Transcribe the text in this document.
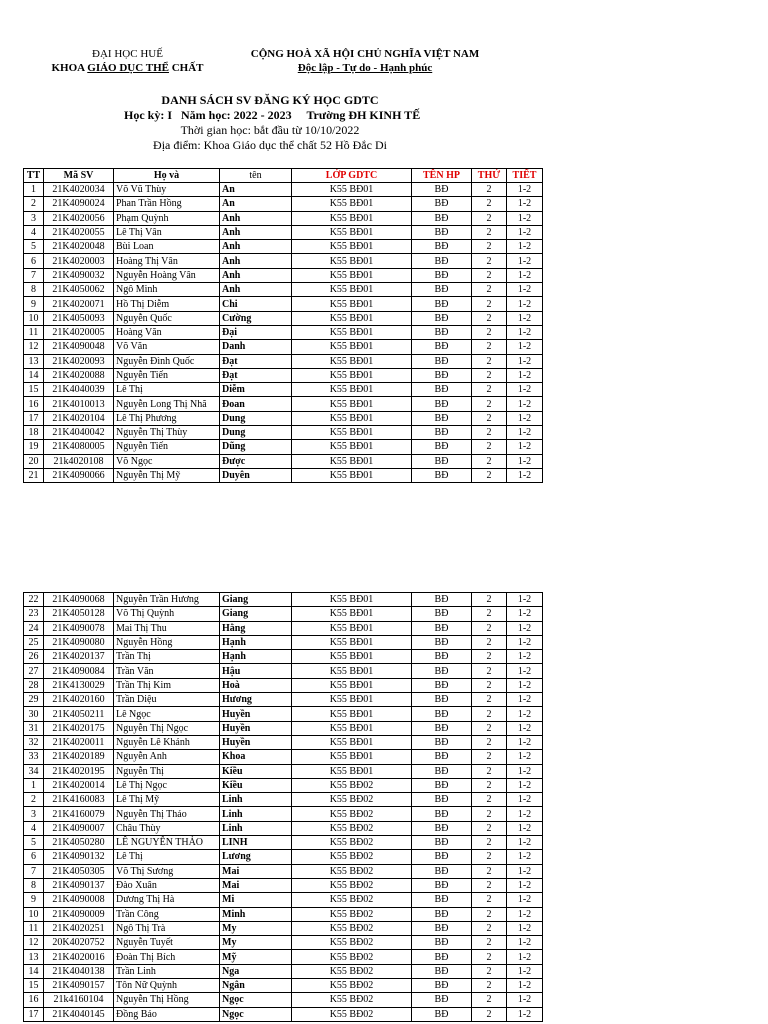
ĐẠI HỌC HUẾ
KHOA GIÁO DỤC THỂ CHẤT
CỘNG HOÀ XÃ HỘI CHỦ NGHĨA VIỆT NAM
Độc lập - Tự do - Hạnh phúc
DANH SÁCH SV ĐĂNG KÝ HỌC GDTC
Học kỳ: I   Năm học: 2022 - 2023     Trường ĐH KINH TẾ
Thời gian học: bắt đầu từ 10/10/2022
Địa điểm: Khoa Giáo dục thể chất 52 Hồ Đắc Di
TT	Mã SV	Họ và	tên	LỚP GDTC	TÊN HP	THỨ	TIẾT
1	21K4020034	Võ Vũ Thùy	An	K55 BĐ01	BĐ	2	1-2
2	21K4090024	Phan Trần Hồng	An	K55 BĐ01	BĐ	2	1-2
3	21K4020056	Phạm Quỳnh	Anh	K55 BĐ01	BĐ	2	1-2
4	21K4020055	Lê Thị Vân	Anh	K55 BĐ01	BĐ	2	1-2
5	21K4020048	Bùi Loan	Anh	K55 BĐ01	BĐ	2	1-2
6	21K4020003	Hoàng Thị Vân	Anh	K55 BĐ01	BĐ	2	1-2
7	21K4090032	Nguyễn Hoàng Vân	Anh	K55 BĐ01	BĐ	2	1-2
8	21K4050062	Ngô Minh	Anh	K55 BĐ01	BĐ	2	1-2
9	21K4020071	Hồ Thị Diễm	Chi	K55 BĐ01	BĐ	2	1-2
10	21K4050093	Nguyễn Quốc	Cường	K55 BĐ01	BĐ	2	1-2
11	21K4020005	Hoàng Văn	Đại	K55 BĐ01	BĐ	2	1-2
12	21K4090048	Võ Văn	Danh	K55 BĐ01	BĐ	2	1-2
13	21K4020093	Nguyễn Đình Quốc	Đạt	K55 BĐ01	BĐ	2	1-2
14	21K4020088	Nguyễn Tiến	Đạt	K55 BĐ01	BĐ	2	1-2
15	21K4040039	Lê Thị	Diễm	K55 BĐ01	BĐ	2	1-2
16	21K4010013	Nguyễn Long Thị Nhã	Đoan	K55 BĐ01	BĐ	2	1-2
17	21K4020104	Lê Thị Phương	Dung	K55 BĐ01	BĐ	2	1-2
18	21K4040042	Nguyễn Thị Thùy	Dung	K55 BĐ01	BĐ	2	1-2
19	21K4080005	Nguyễn Tiến	Dũng	K55 BĐ01	BĐ	2	1-2
20	21k4020108	Võ Ngọc	Được	K55 BĐ01	BĐ	2	1-2
21	21K4090066	Nguyễn Thị Mỹ	Duyên	K55 BĐ01	BĐ	2	1-2
22	21K4090068	Nguyễn Trần Hương	Giang	K55 BĐ01	BĐ	2	1-2
23	21K4050128	Võ Thị Quỳnh	Giang	K55 BĐ01	BĐ	2	1-2
24	21K4090078	Mai Thị Thu	Hằng	K55 BĐ01	BĐ	2	1-2
25	21K4090080	Nguyễn Hồng	Hạnh	K55 BĐ01	BĐ	2	1-2
26	21K4020137	Trần Thị	Hạnh	K55 BĐ01	BĐ	2	1-2
27	21K4090084	Trần Văn	Hậu	K55 BĐ01	BĐ	2	1-2
28	21K4130029	Trần Thị Kim	Hoà	K55 BĐ01	BĐ	2	1-2
29	21K4020160	Trần Diệu	Hương	K55 BĐ01	BĐ	2	1-2
30	21K4050211	Lê Ngọc	Huyền	K55 BĐ01	BĐ	2	1-2
31	21K4020175	Nguyễn Thị Ngọc	Huyền	K55 BĐ01	BĐ	2	1-2
32	21K4020011	Nguyễn Lê Khánh	Huyền	K55 BĐ01	BĐ	2	1-2
33	21K4020189	Nguyễn Anh	Khoa	K55 BĐ01	BĐ	2	1-2
34	21K4020195	Nguyễn Thị	Kiều	K55 BĐ01	BĐ	2	1-2
1	21K4020014	Lê Thị Ngọc	Kiều	K55 BĐ02	BĐ	2	1-2
2	21K4160083	Lê Thị Mỹ	Linh	K55 BĐ02	BĐ	2	1-2
3	21K4160079	Nguyễn Thị Thảo	Linh	K55 BĐ02	BĐ	2	1-2
4	21K4090007	Châu Thùy	Linh	K55 BĐ02	BĐ	2	1-2
5	21K4050280	LÊ NGUYỄN THẢO	LINH	K55 BĐ02	BĐ	2	1-2
6	21K4090132	Lê Thị	Lương	K55 BĐ02	BĐ	2	1-2
7	21K4050305	Võ Thị Sương	Mai	K55 BĐ02	BĐ	2	1-2
8	21K4090137	Đào Xuân	Mai	K55 BĐ02	BĐ	2	1-2
9	21K4090008	Dương Thị Hà	Mi	K55 BĐ02	BĐ	2	1-2
10	21K4090009	Trần Công	Minh	K55 BĐ02	BĐ	2	1-2
11	21K4020251	Ngô Thị Trà	My	K55 BĐ02	BĐ	2	1-2
12	20K4020752	Nguyễn Tuyết	My	K55 BĐ02	BĐ	2	1-2
13	21K4020016	Đoàn Thị Bích	Mỹ	K55 BĐ02	BĐ	2	1-2
14	21K4040138	Trần Linh	Nga	K55 BĐ02	BĐ	2	1-2
15	21K4090157	Tôn Nữ Quỳnh	Ngân	K55 BĐ02	BĐ	2	1-2
16	21k4160104	Nguyễn Thị Hồng	Ngọc	K55 BĐ02	BĐ	2	1-2
17	21K4040145	Đồng Bảo	Ngọc	K55 BĐ02	BĐ	2	1-2
